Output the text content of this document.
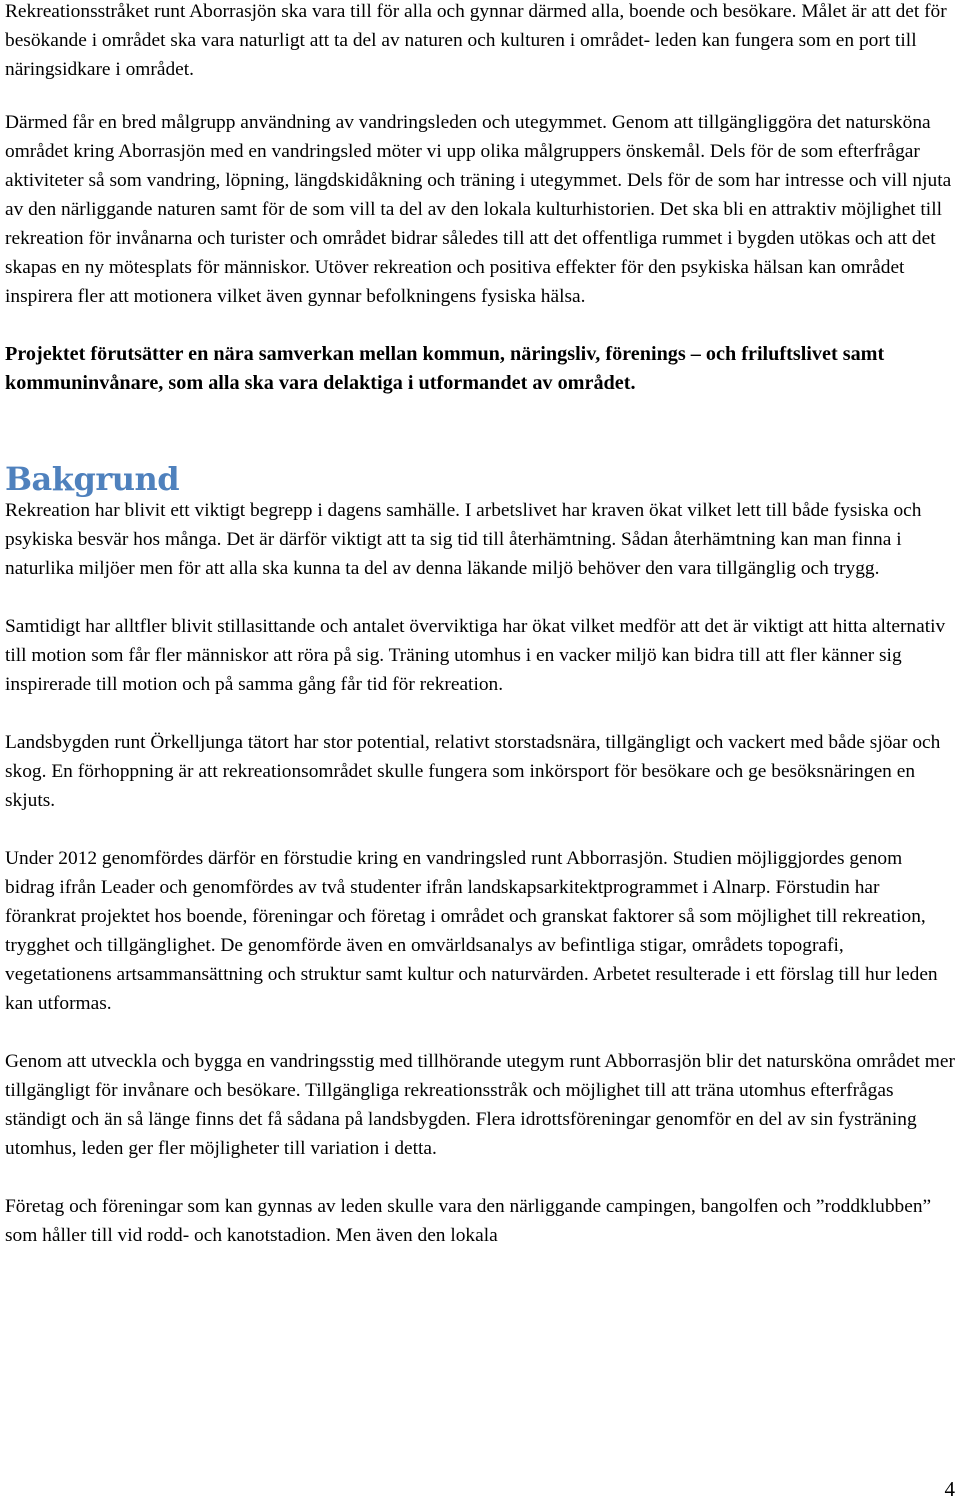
Rekreationsstråket runt Aborrasjön ska vara till för alla och gynnar därmed alla, boende och besökare. Målet är att det för besökande i området ska vara naturligt att ta del av naturen och kulturen i området- leden kan fungera som en port till näringsidkare i området.

Därmed får en bred målgrupp användning av vandringsleden och utegymmet. Genom att tillgängliggöra det natursköna området kring Aborrasjön med en vandringsled möter vi upp olika målgruppers önskemål. Dels för de som efterfrågar aktiviteter så som vandring, löpning, längdskidåkning och träning i utegymmet. Dels för de som har intresse och vill njuta av den närliggande naturen samt för de som vill ta del av den lokala kulturhistorien. Det ska bli en attraktiv möjlighet till rekreation för invånarna och turister och området bidrar således till att det offentliga rummet i bygden utökas och att det skapas en ny mötesplats för människor. Utöver rekreation och positiva effekter för den psykiska hälsan kan området inspirera fler att motionera vilket även gynnar befolkningens fysiska hälsa.

Projektet förutsätter en nära samverkan mellan kommun, näringsliv, förenings – och friluftslivet samt kommuninvånare, som alla ska vara delaktiga i utformandet av området.

Bakgrund

Rekreation har blivit ett viktigt begrepp i dagens samhälle. I arbetslivet har kraven ökat vilket lett till både fysiska och psykiska besvär hos många. Det är därför viktigt att ta sig tid till återhämtning. Sådan återhämtning kan man finna i naturlika miljöer men för att alla ska kunna ta del av denna läkande miljö behöver den vara tillgänglig och trygg.

Samtidigt har alltfler blivit stillasittande och antalet överviktiga har ökat vilket medför att det är viktigt att hitta alternativ till motion som får fler människor att röra på sig. Träning utomhus i en vacker miljö kan bidra till att fler känner sig inspirerade till motion och på samma gång får tid för rekreation.

Landsbygden runt Örkelljunga tätort har stor potential, relativt storstadsnära, tillgängligt och vackert med både sjöar och skog. En förhoppning är att rekreationsområdet skulle fungera som inkörsport för besökare och ge besöksnäringen en skjuts.

Under 2012 genomfördes därför en förstudie kring en vandringsled runt Abborrasjön. Studien möjliggjordes genom bidrag ifrån Leader och genomfördes av två studenter ifrån landskapsarkitektprogrammet i Alnarp. Förstudin har förankrat projektet hos boende, föreningar och företag i området och granskat faktorer så som möjlighet till rekreation, trygghet och tillgänglighet. De genomförde även en omvärldsanalys av befintliga stigar, områdets topografi, vegetationens artsammansättning och struktur samt kultur och naturvärden. Arbetet resulterade i ett förslag till hur leden kan utformas.

Genom att utveckla och bygga en vandringsstig med tillhörande utegym runt Abborrasjön blir det natursköna området mer tillgängligt för invånare och besökare. Tillgängliga rekreationsstråk och möjlighet till att träna utomhus efterfrågas ständigt och än så länge finns det få sådana på landsbygden. Flera idrottsföreningar genomför en del av sin fysträning utomhus, leden ger fler möjligheter till variation i detta.

Företag och föreningar som kan gynnas av leden skulle vara den närliggande campingen, bangolfen och ”roddklubben” som håller till vid rodd- och kanotstadion. Men även den lokala

4
